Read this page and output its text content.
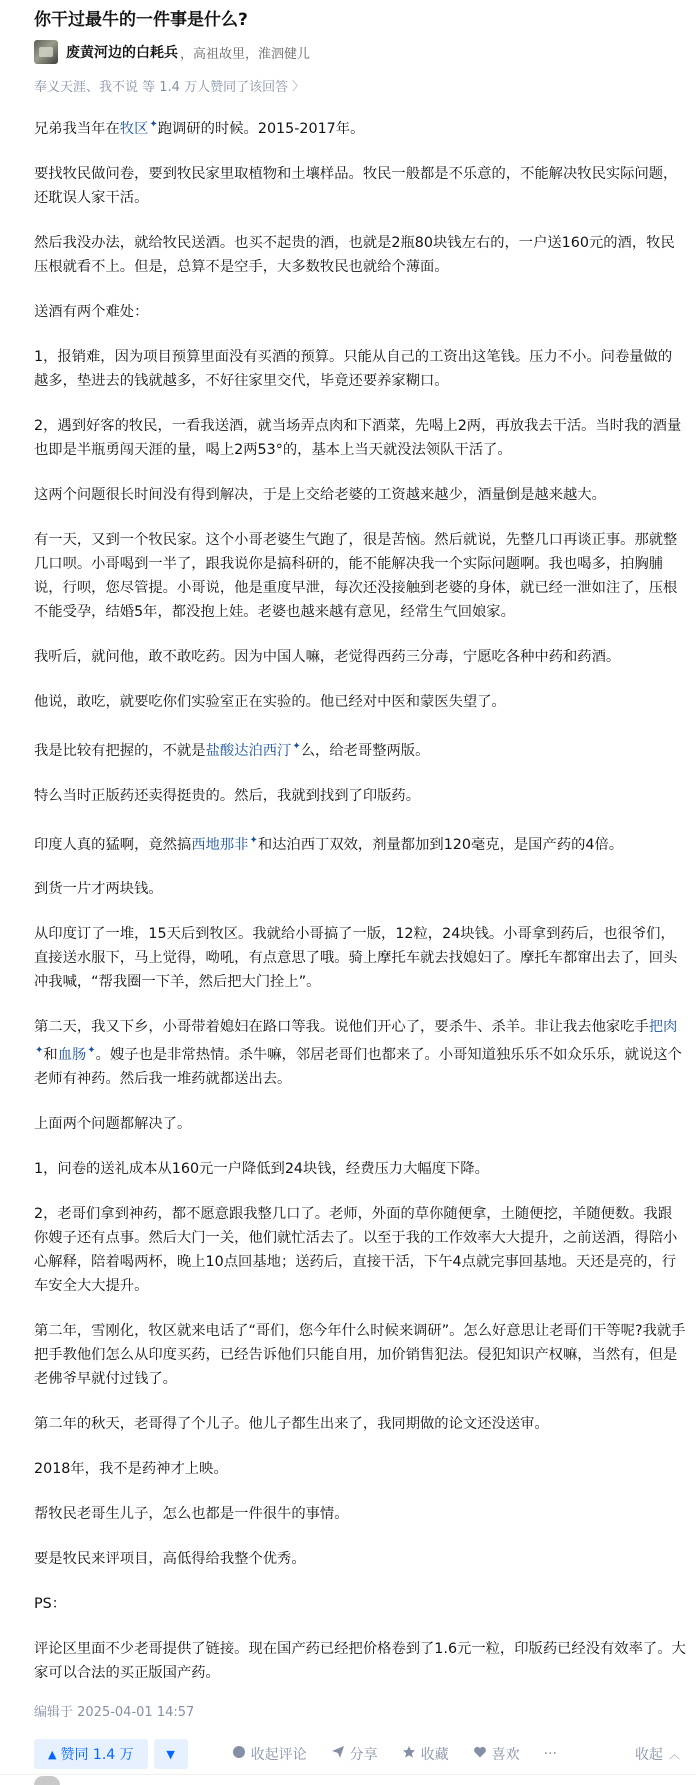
你干过最牛的一件事是什么?
废黄河边的白耗兵 ，高祖故里，淮泗健儿
奉义天涯、我不说 等 1.4 万人赞同了该回答 〉

兄弟我当年在牧区✦跑调研的时候。2015-2017年。

要找牧民做问卷，要到牧民家里取植物和土壤样品。牧民一般都是不乐意的，不能解决牧民实际问题，还耽误人家干活。

然后我没办法，就给牧民送酒。也买不起贵的酒，也就是2瓶80块钱左右的，一户送160元的酒，牧民压根就看不上。但是，总算不是空手，大多数牧民也就给个薄面。

送酒有两个难处：

1，报销难，因为项目预算里面没有买酒的预算。只能从自己的工资出这笔钱。压力不小。问卷量做的越多，垫进去的钱就越多，不好往家里交代，毕竟还要养家糊口。

2，遇到好客的牧民，一看我送酒，就当场弄点肉和下酒菜，先喝上2两，再放我去干活。当时我的酒量也即是半瓶勇闯天涯的量，喝上2两53°的，基本上当天就没法领队干活了。

这两个问题很长时间没有得到解决，于是上交给老婆的工资越来越少，酒量倒是越来越大。

有一天，又到一个牧民家。这个小哥老婆生气跑了，很是苦恼。然后就说，先整几口再谈正事。那就整几口呗。小哥喝到一半了，跟我说你是搞科研的，能不能解决我一个实际问题啊。我也喝多，拍胸脯说，行呗，您尽管提。小哥说，他是重度早泄，每次还没接触到老婆的身体，就已经一泄如注了，压根不能受孕，结婚5年，都没抱上娃。老婆也越来越有意见，经常生气回娘家。

我听后，就问他，敢不敢吃药。因为中国人嘛，老觉得西药三分毒，宁愿吃各种中药和药酒。

他说，敢吃，就要吃你们实验室正在实验的。他已经对中医和蒙医失望了。

我是比较有把握的，不就是盐酸达泊西汀✦么，给老哥整两版。

特么当时正版药还卖得挺贵的。然后，我就到找到了印版药。

印度人真的猛啊，竟然搞西地那非✦和达泊西丁双效，剂量都加到120毫克，是国产药的4倍。

到货一片才两块钱。

从印度订了一堆，15天后到牧区。我就给小哥搞了一版，12粒，24块钱。小哥拿到药后，也很爷们，直接送水服下，马上觉得，呦吼，有点意思了哦。骑上摩托车就去找媳妇了。摩托车都窜出去了，回头冲我喊，“帮我圈一下羊，然后把大门拴上”。

第二天，我又下乡，小哥带着媳妇在路口等我。说他们开心了，要杀牛、杀羊。非让我去他家吃手把肉✦和血肠✦。嫂子也是非常热情。杀牛嘛，邻居老哥们也都来了。小哥知道独乐乐不如众乐乐，就说这个老师有神药。然后我一堆药就都送出去。

上面两个问题都解决了。

1，问卷的送礼成本从160元一户降低到24块钱，经费压力大幅度下降。

2，老哥们拿到神药，都不愿意跟我整几口了。老师，外面的草你随便拿，土随便挖，羊随便数。我跟你嫂子还有点事。然后大门一关，他们就忙活去了。以至于我的工作效率大大提升，之前送酒，得陪小心解释，陪着喝两杯，晚上10点回基地；送药后，直接干活，下午4点就完事回基地。天还是亮的，行车安全大大提升。

第二年，雪刚化，牧区就来电话了“哥们，您今年什么时候来调研”。怎么好意思让老哥们干等呢?我就手把手教他们怎么从印度买药，已经告诉他们只能自用，加价销售犯法。侵犯知识产权嘛，当然有，但是老佛爷早就付过钱了。

第二年的秋天，老哥得了个儿子。他儿子都生出来了，我同期做的论文还没送审。

2018年，我不是药神才上映。

帮牧民老哥生儿子，怎么也都是一件很牛的事情。

要是牧民来评项目，高低得给我整个优秀。

PS：

评论区里面不少老哥提供了链接。现在国产药已经把价格卷到了1.6元一粒，印版药已经没有效率了。大家可以合法的买正版国产药。

编辑于 2025-04-01 14:57
▲ 赞同 1.4 万	▼	收起评论	分享	收藏	喜欢 ···	收起 ︿
